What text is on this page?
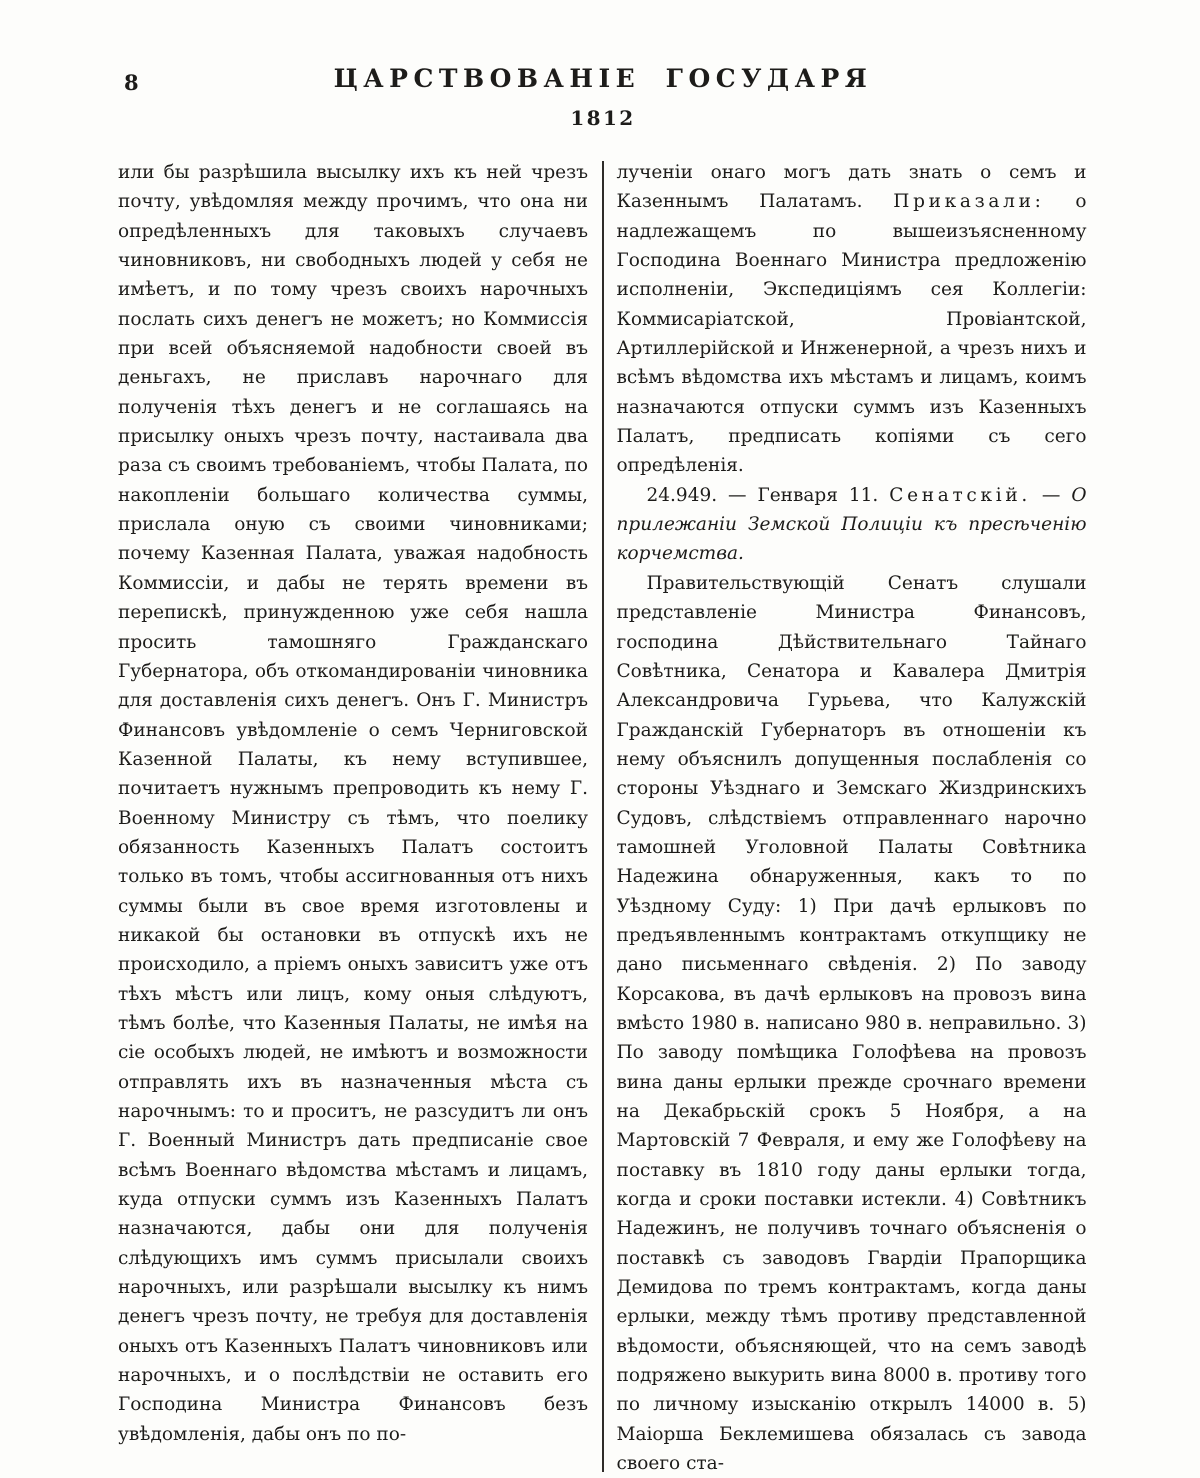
8	ЦАРСТВОВАНІЕ ГОСУДАРЯ
1812

или бы разрѣшила высылку ихъ къ ней чрезъ почту, увѣдомляя между прочимъ, что она ни опредѣленныхъ для таковыхъ случаевъ чиновниковъ, ни свободныхъ людей у себя не имѣетъ, и по тому чрезъ своихъ нарочныхъ послать сихъ денегъ не можетъ; но Коммиссія при всей объясняемой надобности своей въ деньгахъ, не приславъ нарочнаго для полученія тѣхъ денегъ и не соглашаясь на присылку оныхъ чрезъ почту, настаивала два раза съ своимъ требованіемъ, чтобы Палата, по накопленіи большаго количества суммы, прислала оную съ своими чиновниками; почему Казенная Палата, уважая надобность Коммиссіи, и дабы не терять времени въ перепискѣ, принужденною уже себя нашла просить тамошняго Гражданскаго Губернатора, объ откомандированіи чиновника для доставленія сихъ денегъ. Онъ Г. Министръ Финансовъ увѣдомленіе о семъ Черниговской Казенной Палаты, къ нему вступившее, почитаетъ нужнымъ препроводить къ нему Г. Военному Министру съ тѣмъ, что поелику обязанность Казенныхъ Палатъ состоитъ только въ томъ, чтобы ассигнованныя отъ нихъ суммы были въ свое время изготовлены и никакой бы остановки въ отпускѣ ихъ не происходило, а пріемъ оныхъ зависитъ уже отъ тѣхъ мѣстъ или лицъ, кому оныя слѣдуютъ, тѣмъ болѣе, что Казенныя Палаты, не имѣя на сіе особыхъ людей, не имѣютъ и возможности отправлять ихъ въ назначенныя мѣста съ нарочнымъ: то и проситъ, не разсудитъ ли онъ Г. Военный Министръ дать предписаніе свое всѣмъ Военнаго вѣдомства мѣстамъ и лицамъ, куда отпуски суммъ изъ Казенныхъ Палатъ назначаются, дабы они для полученія слѣдующихъ имъ суммъ присылали своихъ нарочныхъ, или разрѣшали высылку къ нимъ денегъ чрезъ почту, не требуя для доставленія оныхъ отъ Казенныхъ Палатъ чиновниковъ или нарочныхъ, и о послѣдствіи не оставить его Господина Министра Финансовъ безъ увѣдомленія, дабы онъ по по-

лученіи онаго могъ дать знать о семъ и Казеннымъ Палатамъ. Приказали: о надлежащемъ по вышеизъясненному Господина Военнаго Министра предложенію исполненіи, Экспедиціямъ сея Коллегіи: Коммисаріатской, Провіантской, Артиллерійской и Инженерной, а чрезъ нихъ и всѣмъ вѣдомства ихъ мѣстамъ и лицамъ, коимъ назначаются отпуски суммъ изъ Казенныхъ Палатъ, предписать копіями съ сего опредѣленія.

24.949. — Генваря 11. Сенатскій. — О прилежаніи Земской Полиціи къ пресѣченію корчемства.

Правительствующій Сенатъ слушали представленіе Министра Финансовъ, господина Дѣйствительнаго Тайнаго Совѣтника, Сенатора и Кавалера Дмитрія Александровича Гурьева, что Калужскій Гражданскій Губернаторъ въ отношеніи къ нему объяснилъ допущенныя послабленія со стороны Уѣзднаго и Земскаго Жиздринскихъ Судовъ, слѣдствіемъ отправленнаго нарочно тамошней Уголовной Палаты Совѣтника Надежина обнаруженныя, какъ то по Уѣздному Суду: 1) При дачѣ ерлыковъ по предъявленнымъ контрактамъ откупщику не дано письменнаго свѣденія. 2) По заводу Корсакова, въ дачѣ ерлыковъ на провозъ вина вмѣсто 1980 в. написано 980 в. неправильно. 3) По заводу помѣщика Голофѣева на провозъ вина даны ерлыки прежде срочнаго времени на Декабрьскій срокъ 5 Ноября, а на Мартовскій 7 Февраля, и ему же Голофѣеву на поставку въ 1810 году даны ерлыки тогда, когда и сроки поставки истекли. 4) Совѣтникъ Надежинъ, не получивъ точнаго объясненія о поставкѣ съ заводовъ Гвардіи Прапорщика Демидова по тремъ контрактамъ, когда даны ерлыки, между тѣмъ противу представленной вѣдомости, объясняющей, что на семъ заводѣ подряжено выкурить вина 8000 в. противу того по личному изысканію открылъ 14000 в. 5) Маіорша Беклемишева обязалась съ завода своего ста-
